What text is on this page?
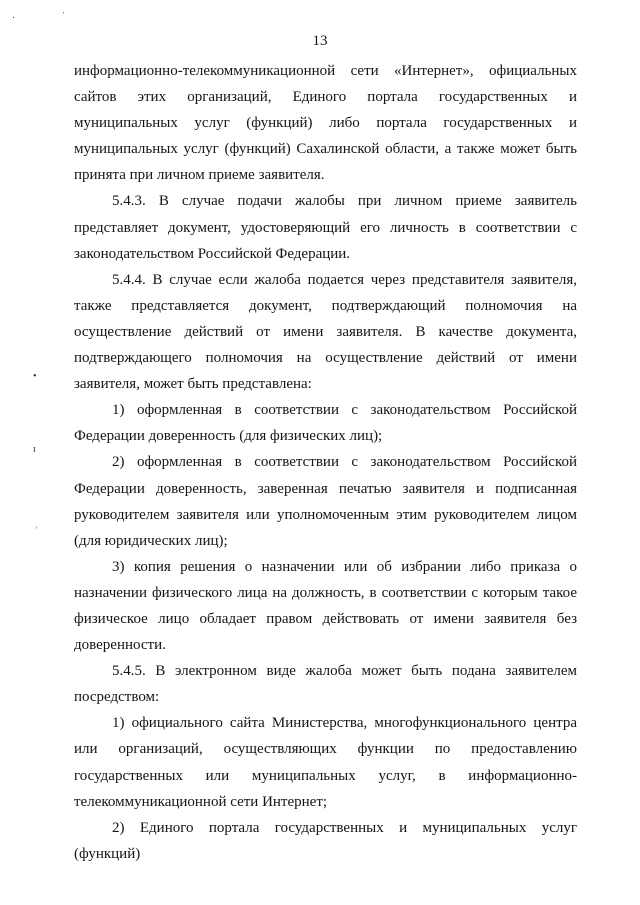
·	ˈ
•
ɪ
ʿ
13

информационно-телекоммуникационной сети «Интернет», официальных сайтов этих организаций, Единого портала государственных и муниципальных услуг (функций) либо портала государственных и муниципальных услуг (функций) Сахалинской области, а также может быть принята при личном приеме заявителя.

5.4.3. В случае подачи жалобы при личном приеме заявитель представляет документ, удостоверяющий его личность в соответствии с законодательством Российской Федерации.

5.4.4. В случае если жалоба подается через представителя заявителя, также представляется документ, подтверждающий полномочия на осуществление действий от имени заявителя. В качестве документа, подтверждающего полномочия на осуществление действий от имени заявителя, может быть представлена:

1) оформленная в соответствии с законодательством Российской Федерации доверенность (для физических лиц);

2) оформленная в соответствии с законодательством Российской Федерации доверенность, заверенная печатью заявителя и подписанная руководителем заявителя или уполномоченным этим руководителем лицом (для юридических лиц);

3) копия решения о назначении или об избрании либо приказа о назначении физического лица на должность, в соответствии с которым такое физическое лицо обладает правом действовать от имени заявителя без доверенности.

5.4.5. В электронном виде жалоба может быть подана заявителем посредством:

1) официального сайта Министерства, многофункционального центра или организаций, осуществляющих функции по предоставлению государственных или муниципальных услуг, в информационно-телекоммуникационной сети Интернет;

2) Единого портала государственных и муниципальных услуг (функций)
